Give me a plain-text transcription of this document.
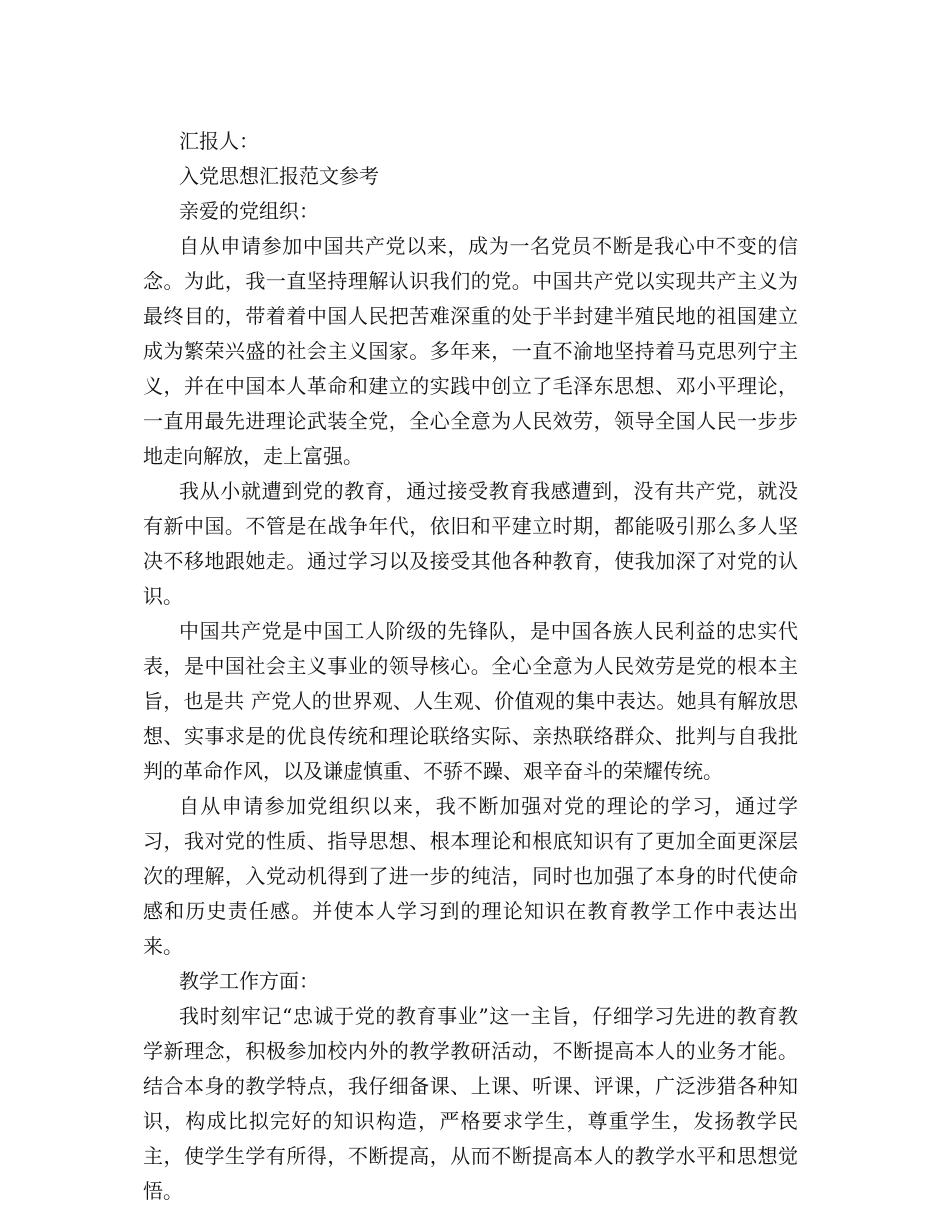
汇报人：

入党思想汇报范文参考

亲爱的党组织：

自从申请参加中国共产党以来，成为一名党员不断是我心中不变的信念。为此，我一直坚持理解认识我们的党。中国共产党以实现共产主义为最终目的，带着着中国人民把苦难深重的处于半封建半殖民地的祖国建立成为繁荣兴盛的社会主义国家。多年来，一直不渝地坚持着马克思列宁主义，并在中国本人革命和建立的实践中创立了毛泽东思想、邓小平理论，一直用最先进理论武装全党，全心全意为人民效劳，领导全国人民一步步地走向解放，走上富强。

我从小就遭到党的教育，通过接受教育我感遭到，没有共产党，就没有新中国。不管是在战争年代，依旧和平建立时期，都能吸引那么多人坚决不移地跟她走。通过学习以及接受其他各种教育，使我加深了对党的认识。

中国共产党是中国工人阶级的先锋队，是中国各族人民利益的忠实代表，是中国社会主义事业的领导核心。全心全意为人民效劳是党的根本主旨，也是共 产党人的世界观、人生观、价值观的集中表达。她具有解放思想、实事求是的优良传统和理论联络实际、亲热联络群众、批判与自我批判的革命作风，以及谦虚慎重、不骄不躁、艰辛奋斗的荣耀传统。

自从申请参加党组织以来，我不断加强对党的理论的学习，通过学习，我对党的性质、指导思想、根本理论和根底知识有了更加全面更深层次的理解，入党动机得到了进一步的纯洁，同时也加强了本身的时代使命感和历史责任感。并使本人学习到的理论知识在教育教学工作中表达出来。

教学工作方面：

我时刻牢记“忠诚于党的教育事业”这一主旨，仔细学习先进的教育教学新理念，积极参加校内外的教学教研活动，不断提高本人的业务才能。结合本身的教学特点，我仔细备课、上课、听课、评课，广泛涉猎各种知识，构成比拟完好的知识构造，严格要求学生，尊重学生，发扬教学民主，使学生学有所得，不断提高，从而不断提高本人的教学水平和思想觉悟。
